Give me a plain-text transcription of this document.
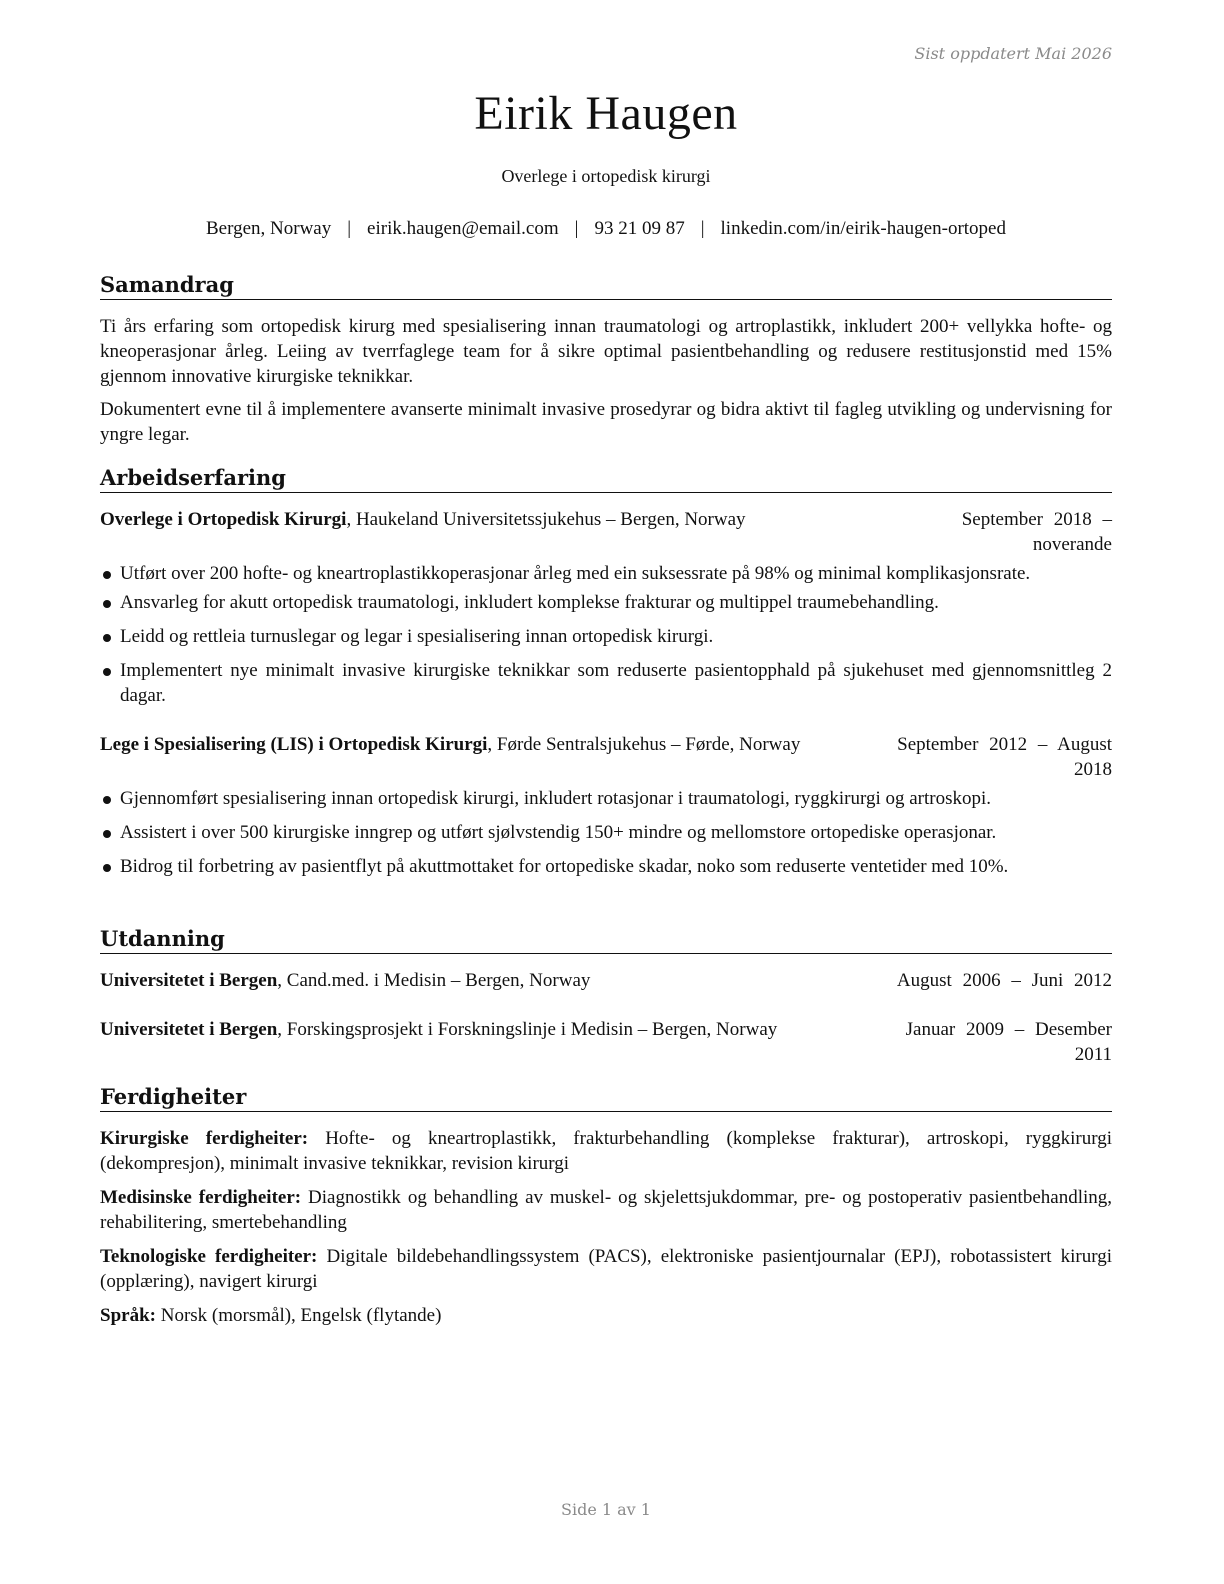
Sist oppdatert Mai 2026
Eirik Haugen
Overlege i ortopedisk kirurgi
Bergen, Norway | eirik.haugen@email.com | 93 21 09 87 | linkedin.com/in/eirik-haugen-ortoped
Samandrag

Ti års erfaring som ortopedisk kirurg med spesialisering innan traumatologi og artroplastikk, inkludert 200+ vellykka hofte- og kneoperasjonar årleg. Leiing av tverrfaglege team for å sikre optimal pasientbehandling og redusere restitusjonstid med 15% gjennom innovative kirurgiske teknikkar.

Dokumentert evne til å implementere avanserte minimalt invasive prosedyrar og bidra aktivt til fagleg utvikling og undervisning for yngre legar.

Arbeidserfaring
Overlege i Ortopedisk Kirurgi, Haukeland Universitetssjukehus – Bergen, Norway	September 2018 – noverande
Utført over 200 hofte- og kneartroplastikkoperasjonar årleg med ein suksessrate på 98% og minimal komplikasjonsrate.
Ansvarleg for akutt ortopedisk traumatologi, inkludert komplekse frakturar og multippel traumebehandling.
Leidd og rettleia turnuslegar og legar i spesialisering innan ortopedisk kirurgi.
Implementert nye minimalt invasive kirurgiske teknikkar som reduserte pasientopphald på sjukehuset med gjennomsnittleg 2 dagar.
Lege i Spesialisering (LIS) i Ortopedisk Kirurgi, Førde Sentralsjukehus – Førde, Norway	September 2012 – August 2018
Gjennomført spesialisering innan ortopedisk kirurgi, inkludert rotasjonar i traumatologi, ryggkirurgi og artroskopi.
Assistert i over 500 kirurgiske inngrep og utført sjølvstendig 150+ mindre og mellomstore ortopediske operasjonar.
Bidrog til forbetring av pasientflyt på akuttmottaket for ortopediske skadar, noko som reduserte ventetider med 10%.
Utdanning
Universitetet i Bergen, Cand.med. i Medisin – Bergen, Norway	August 2006 – Juni 2012
Universitetet i Bergen, Forskingsprosjekt i Forskningslinje i Medisin – Bergen, Norway	Januar 2009 – Desember 2011
Ferdigheiter

Kirurgiske ferdigheiter: Hofte- og kneartroplastikk, frakturbehandling (komplekse frakturar), artroskopi, ryggkirurgi (dekompresjon), minimalt invasive teknikkar, revision kirurgi

Medisinske ferdigheiter: Diagnostikk og behandling av muskel- og skjelettsjukdommar, pre- og postoperativ pasientbehandling, rehabilitering, smertebehandling

Teknologiske ferdigheiter: Digitale bildebehandlingssystem (PACS), elektroniske pasientjournalar (EPJ), robotassistert kirurgi (opplæring), navigert kirurgi

Språk: Norsk (morsmål), Engelsk (flytande)

Side 1 av 1
